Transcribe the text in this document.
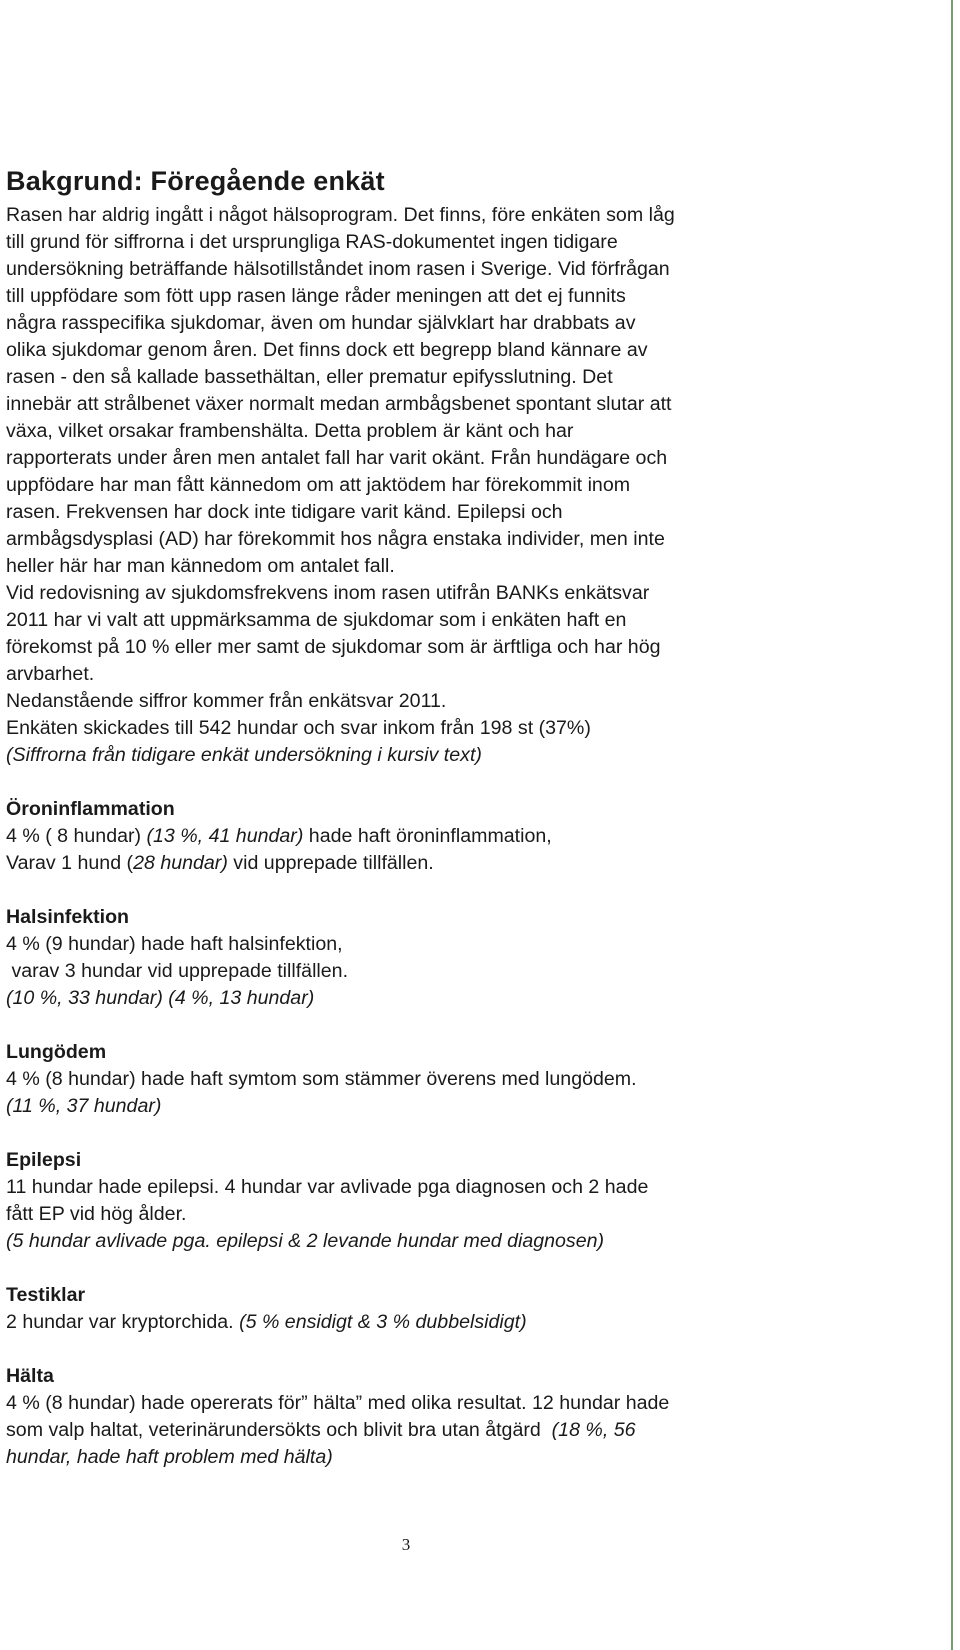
Bakgrund: Föregående enkät

Rasen har aldrig ingått i något hälsoprogram. Det finns, före enkäten som låg

till grund för siffrorna i det ursprungliga RAS-dokumentet ingen tidigare

undersökning beträffande hälsotillståndet inom rasen i Sverige. Vid förfrågan

till uppfödare som fött upp rasen länge råder meningen att det ej funnits

några rasspecifika sjukdomar, även om hundar självklart har drabbats av

olika sjukdomar genom åren. Det finns dock ett begrepp bland kännare av

rasen - den så kallade bassethältan, eller prematur epifysslutning. Det

innebär att strålbenet växer normalt medan armbågsbenet spontant slutar att

växa, vilket orsakar frambenshälta. Detta problem är känt och har

rapporterats under åren men antalet fall har varit okänt. Från hundägare och

uppfödare har man fått kännedom om att jaktödem har förekommit inom

rasen. Frekvensen har dock inte tidigare varit känd. Epilepsi och

armbågsdysplasi (AD) har förekommit hos några enstaka individer, men inte

heller här har man kännedom om antalet fall.

Vid redovisning av sjukdomsfrekvens inom rasen utifrån BANKs enkätsvar

2011 har vi valt att uppmärksamma de sjukdomar som i enkäten haft en

förekomst på 10 % eller mer samt de sjukdomar som är ärftliga och har hög

arvbarhet.

Nedanstående siffror kommer från enkätsvar 2011.

Enkäten skickades till 542 hundar och svar inkom från 198 st (37%)

(Siffrorna från tidigare enkät undersökning i kursiv text)

Öroninflammation

4 % ( 8 hundar) (13 %, 41 hundar) hade haft öroninflammation,

Varav 1 hund (28 hundar) vid upprepade tillfällen.

Halsinfektion

4 % (9 hundar) hade haft halsinfektion,

varav 3 hundar vid upprepade tillfällen.

(10 %, 33 hundar) (4 %, 13 hundar)

Lungödem

4 % (8 hundar) hade haft symtom som stämmer överens med lungödem.

(11 %, 37 hundar)

Epilepsi

11 hundar hade epilepsi. 4 hundar var avlivade pga diagnosen och 2 hade

fått EP vid hög ålder.

(5 hundar avlivade pga. epilepsi & 2 levande hundar med diagnosen)

Testiklar

2 hundar var kryptorchida. (5 % ensidigt & 3 % dubbelsidigt)

Hälta

4 % (8 hundar) hade opererats för” hälta” med olika resultat. 12 hundar hade

som valp haltat, veterinärundersökts och blivit bra utan åtgärd  (18 %, 56

hundar, hade haft problem med hälta)

3
